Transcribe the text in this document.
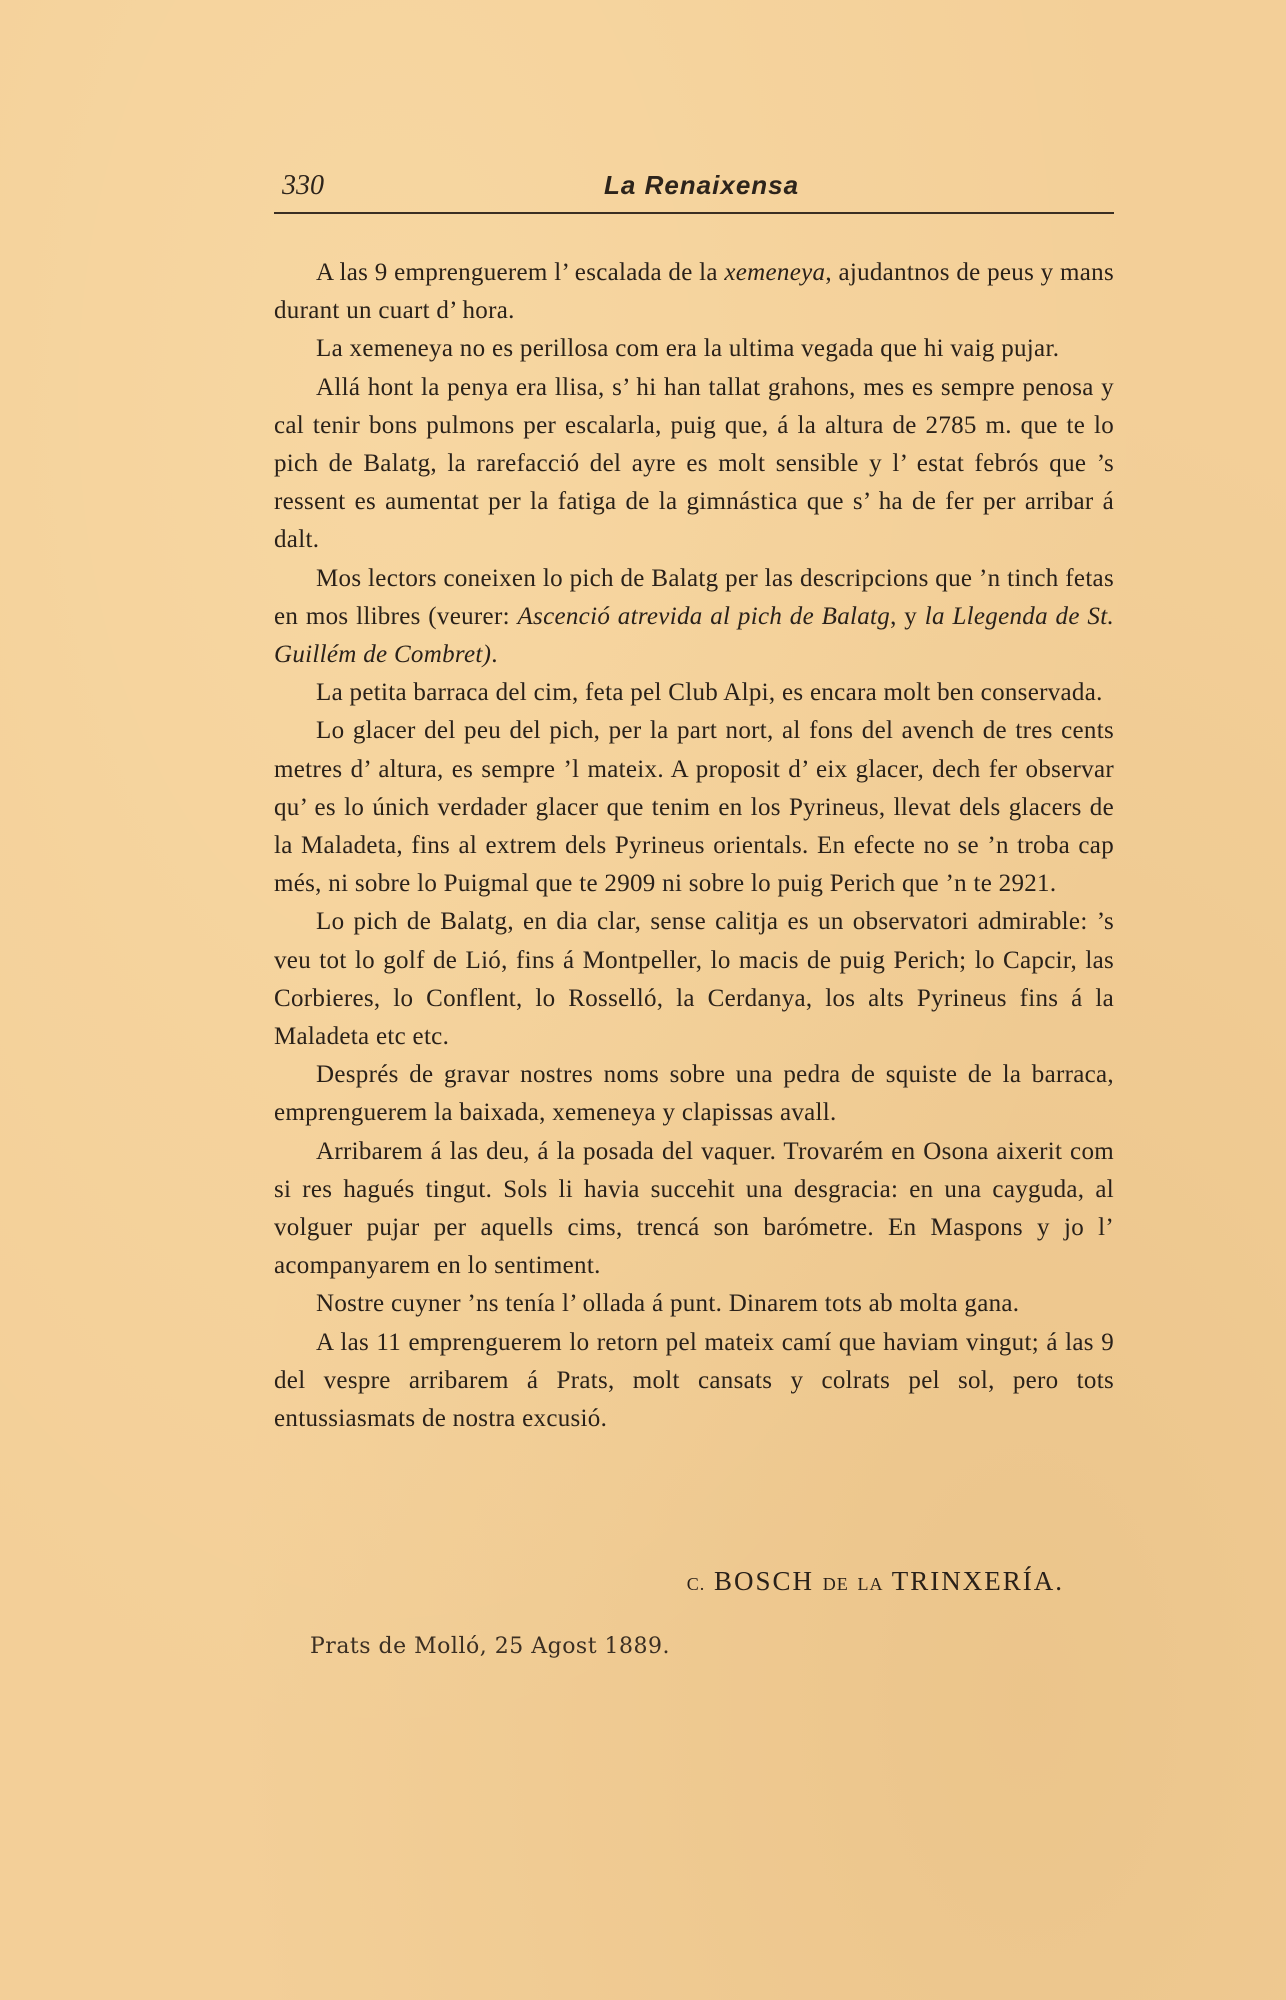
330	La Renaixensa

A las 9 emprenguerem l’ escalada de la xemeneya, ajudantnos de peus y mans durant un cuart d’ hora.

La xemeneya no es perillosa com era la ultima vegada que hi vaig pujar.

Allá hont la penya era llisa, s’ hi han tallat grahons, mes es sempre penosa y cal tenir bons pulmons per escalarla, puig que, á la altura de 2785 m. que te lo pich de Balatg, la rarefacció del ayre es molt sensible y l’ estat febrós que ’s ressent es aumentat per la fatiga de la gimnástica que s’ ha de fer per arribar á dalt.

Mos lectors coneixen lo pich de Balatg per las descripcions que ’n tinch fetas en mos llibres (veurer: Ascenció atrevida al pich de Balatg, y la Llegenda de St. Guillém de Combret).

La petita barraca del cim, feta pel Club Alpi, es encara molt ben conservada.

Lo glacer del peu del pich, per la part nort, al fons del avench de tres cents metres d’ altura, es sempre ’l mateix. A proposit d’ eix glacer, dech fer observar qu’ es lo únich verdader glacer que tenim en los Pyrineus, llevat dels glacers de la Maladeta, fins al extrem dels Pyrineus orientals. En efecte no se ’n troba cap més, ni sobre lo Puigmal que te 2909 ni sobre lo puig Perich que ’n te 2921.

Lo pich de Balatg, en dia clar, sense calitja es un observatori admirable: ’s veu tot lo golf de Lió, fins á Montpeller, lo macis de puig Perich; lo Capcir, las Corbieres, lo Conflent, lo Rosselló, la Cerdanya, los alts Pyrineus fins á la Maladeta etc etc.

Després de gravar nostres noms sobre una pedra de squiste de la barraca, emprenguerem la baixada, xemeneya y clapissas avall.

Arribarem á las deu, á la posada del vaquer. Trovarém en Osona aixerit com si res hagués tingut. Sols li havia succehit una desgracia: en una cayguda, al volguer pujar per aquells cims, trencá son barómetre. En Maspons y jo l’ acompanyarem en lo sentiment.

Nostre cuyner ’ns tenía l’ ollada á punt. Dinarem tots ab molta gana.

A las 11 emprenguerem lo retorn pel mateix camí que haviam vingut; á las 9 del vespre arribarem á Prats, molt cansats y colrats pel sol, pero tots entussiasmats de nostra excusió.

C. BOSCH DE LA TRINXERÍA.
Prats de Molló, 25 Agost 1889.
